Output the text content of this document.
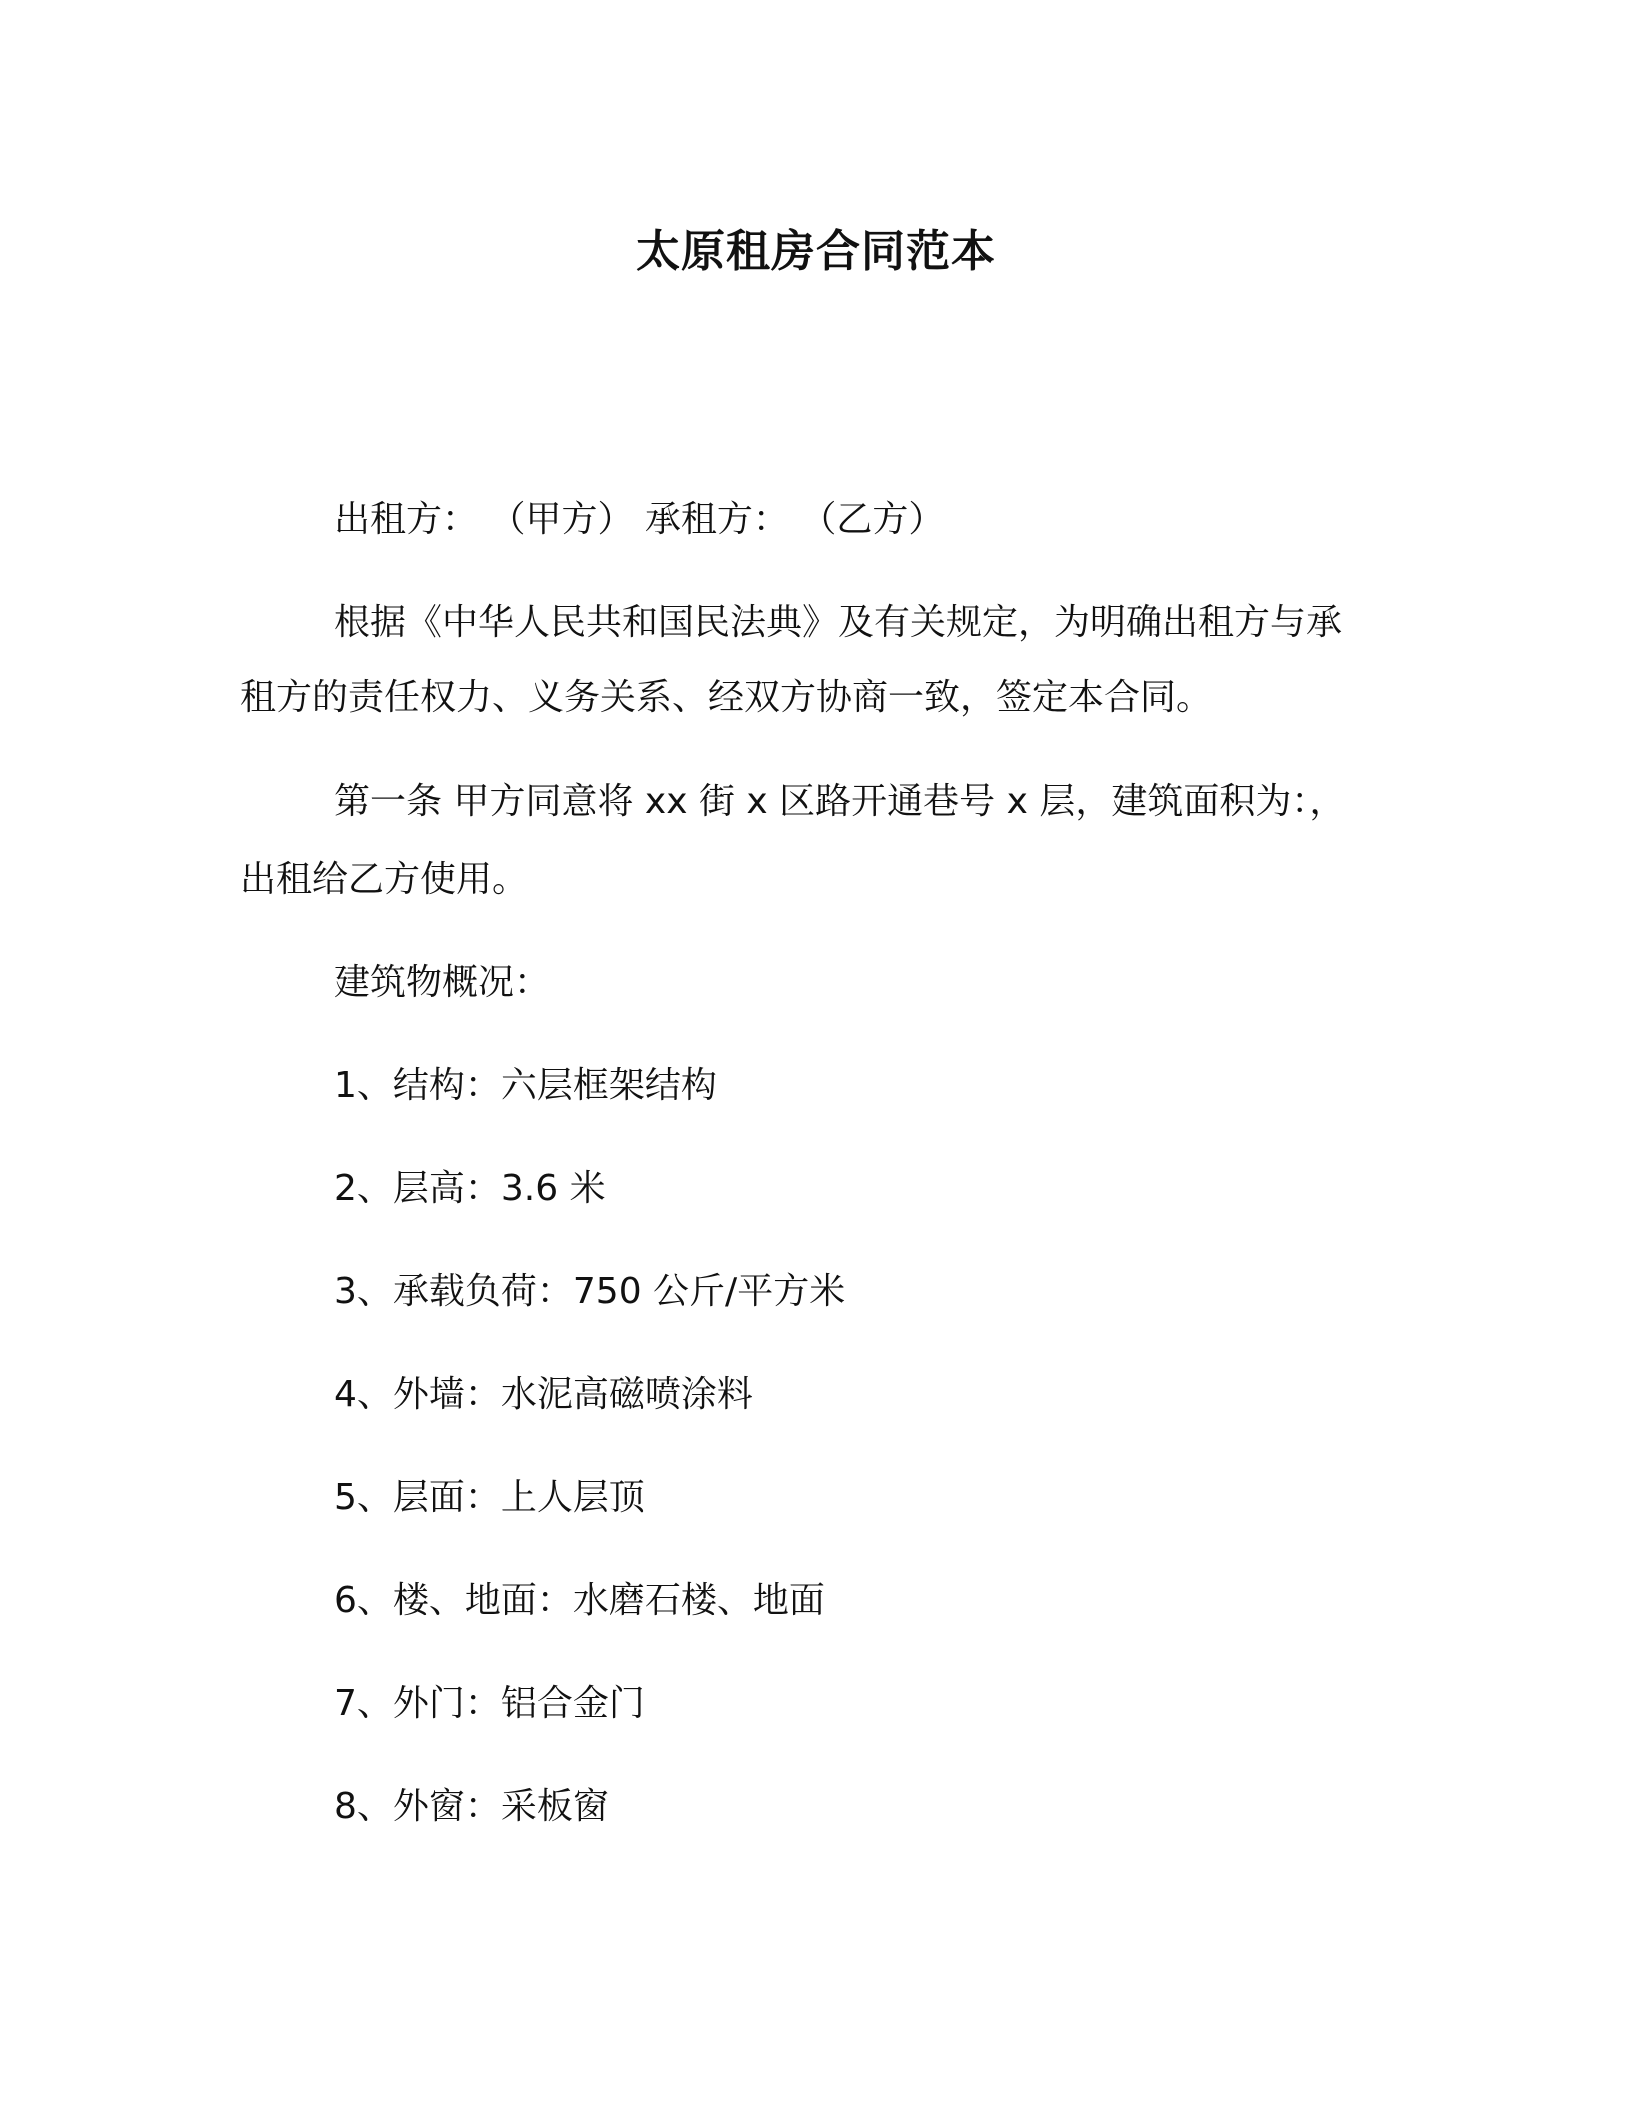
太原租房合同范本
出租方： （甲方） 承租方： （乙方）
根据《中华人民共和国民法典》及有关规定，为明确出租方与承
租方的责任权力、义务关系、经双方协商一致，签定本合同。
第一条 甲方同意将 xx 街 x 区路开通巷号 x 层，建筑面积为：，
出租给乙方使用。
建筑物概况：
1、结构：六层框架结构
2、层高：3.6 米
3、承载负荷：750 公斤/平方米
4、外墙：水泥高磁喷涂料
5、层面：上人层顶
6、楼、地面：水磨石楼、地面
7、外门：铝合金门
8、外窗：采板窗
